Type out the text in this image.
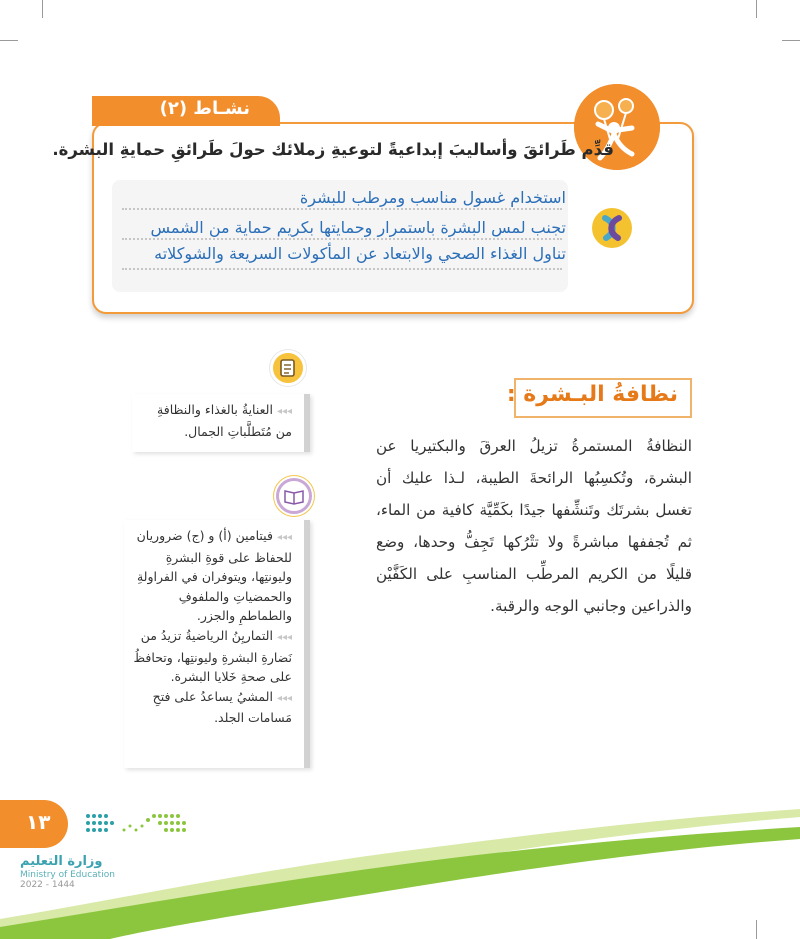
نشـاط (٢)
قدِّم طَرائقَ وأساليبَ إبداعيةً لتوعيةِ زملائك حولَ طَرائقِ حمايةِ البشرة.
استخدام غسول مناسب ومرطب للبشرة
تجنب لمس البشرة باستمرار وحمايتها بكريم حماية من الشمس
تناول الغذاء الصحي والابتعاد عن المأكولات السريعة والشوكلاته
نظافةُ البـشرة :
النظافةُ المستمرةُ تزيلُ العرقَ والبكتيريا عن البشرة، وتُكسِبُها الرائحةَ الطيبة، لـذا عليك أن تغسل بشرتَك وتَنشِّفها جيدًا بكَمِّيَّة كافية من الماء، ثم تُجففها مباشرةً ولا تتْرُكها تَجِفُّ وحدها، وضع قليلًا من الكريم المرطِّب المناسبِ على الكَفَّيْن والذراعين وجانبي الوجه والرقبة.
◂◂◂العنايةُ بالغذاء والنظافةِ
من مُتَطلَّباتِ الجمال.
◂◂◂فيتامين (أ) و (ج) ضروريان للحفاظ على قوةِ البشرةِ وليونتِها، ويتوفران في الفراولةِ والحمضياتِ والملفوفِ والطماطمِ والجزر.
◂◂◂التماريِنُ الرياضيةُ تزيدُ من نَضارةِ البشرةِ وليونتِها، وتحافظُ على صحةِ خَلايا البشرة.
◂◂◂المشيُ يساعدُ على فتحِ مَسامات الجلد.
١٣
وزارة التعليم
Ministry of Education
2022 - 1444
